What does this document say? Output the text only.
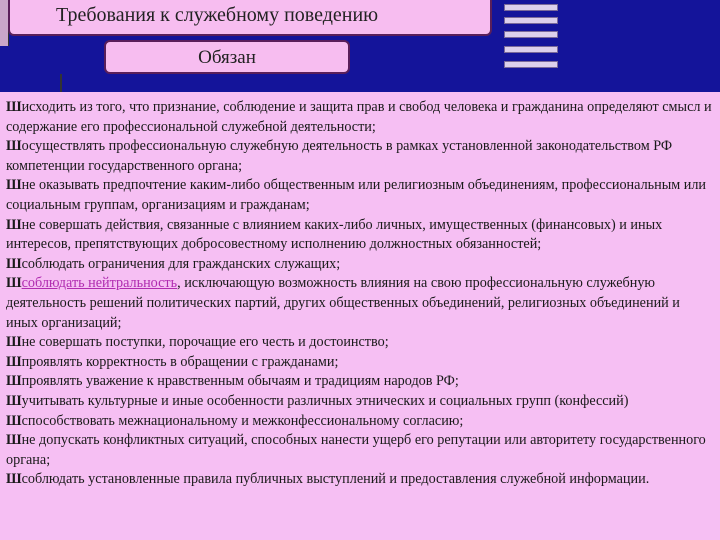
Требования к служебному поведению
Обязан
Шисходить из того, что признание, соблюдение и защита прав и свобод человека и гражданина определяют смысл и содержание его профессиональной служебной деятельности;
Шосуществлять профессиональную служебную деятельность в рамках установленной законодательством РФ компетенции государственного органа;
Шне оказывать предпочтение каким-либо общественным или религиозным объединениям, профессиональным или социальным группам, организациям и гражданам;
Шне совершать действия, связанные с влиянием каких-либо личных, имущественных (финансовых) и иных интересов, препятствующих добросовестному исполнению должностных обязанностей;
Шсоблюдать ограничения для гражданских служащих;
Шсоблюдать нейтральность, исключающую возможность влияния на свою профессиональную служебную деятельность решений политических партий, других общественных объединений, религиозных объединений и иных организаций;
Шне совершать поступки, порочащие его честь и достоинство;
Шпроявлять корректность в обращении с гражданами;
Шпроявлять уважение к нравственным обычаям и традициям народов РФ;
Шучитывать культурные и иные особенности различных этнических и социальных групп (конфессий)
Шспособствовать межнациональному и межконфессиональному согласию;
Шне допускать конфликтных ситуаций, способных нанести ущерб его репутации или авторитету государственного органа;
Шсоблюдать установленные правила публичных выступлений и предоставления служебной информации.
